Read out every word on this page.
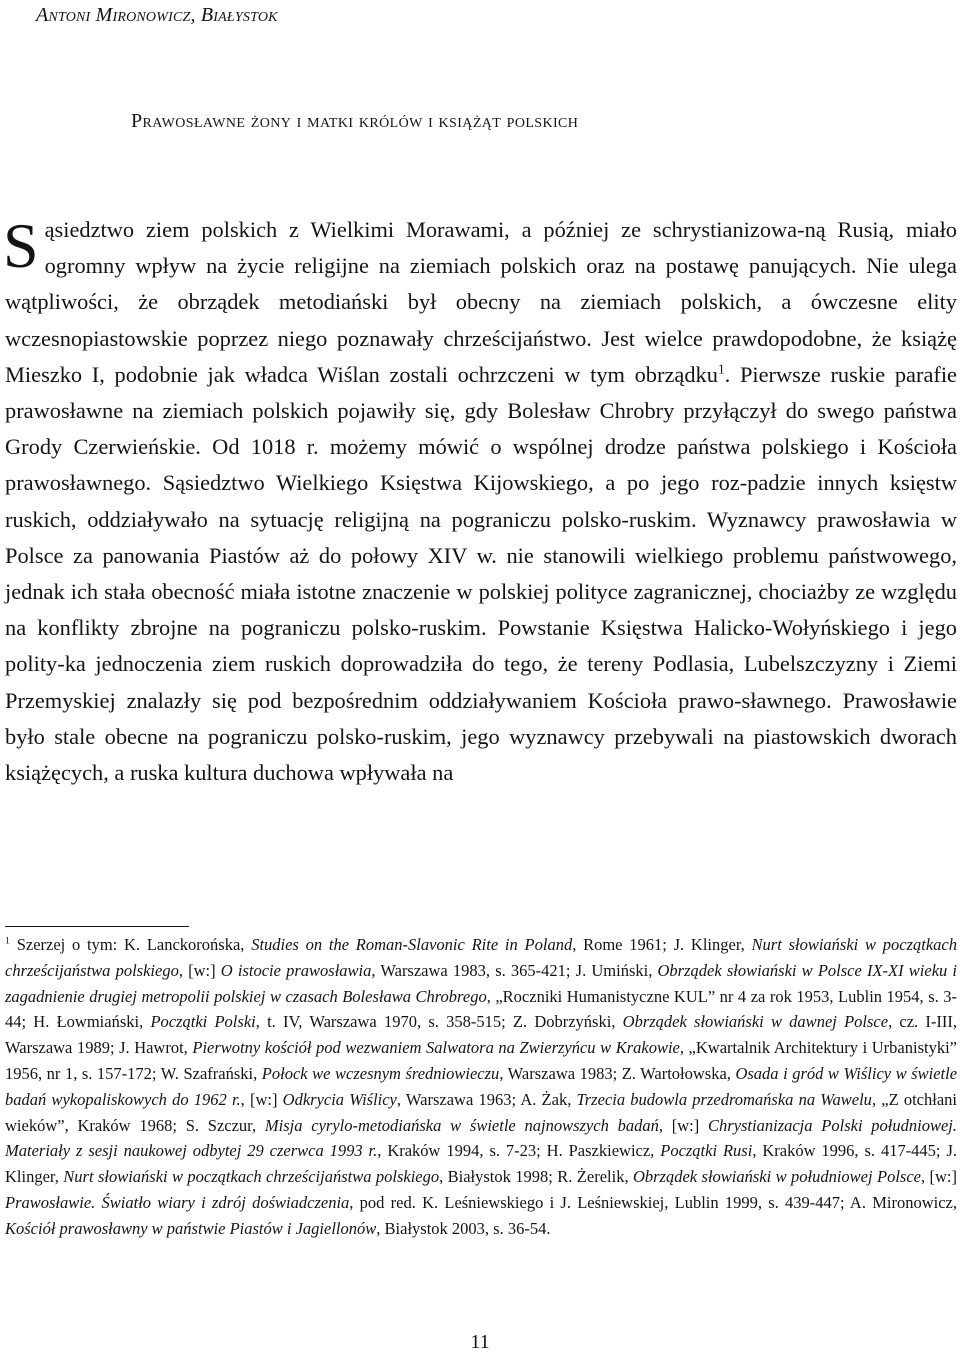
Antoni Mironowicz, Białystok
Prawosławne żony i matki królów i książąt polskich
Sąsiedztwo ziem polskich z Wielkimi Morawami, a później ze schrystianizowa-ną Rusią, miało ogromny wpływ na życie religijne na ziemiach polskich oraz na postawę panujących. Nie ulega wątpliwości, że obrządek metodiański był obecny na ziemiach polskich, a ówczesne elity wczesnopiastowskie poprzez niego poznawały chrześcijaństwo. Jest wielce prawdopodobne, że książę Mieszko I, podobnie jak władca Wiślan zostali ochrzczeni w tym obrządku$^1$. Pierwsze ruskie parafie prawosławne na ziemiach polskich pojawiły się, gdy Bolesław Chrobry przyłączył do swego państwa Grody Czerwieńskie. Od 1018 r. możemy mówić o wspólnej drodze państwa polskiego i Kościoła prawosławnego. Sąsiedztwo Wielkiego Księstwa Kijowskiego, a po jego roz-padzie innych księstw ruskich, oddziaływało na sytuację religijną na pograniczu polsko-ruskim. Wyznawcy prawosławia w Polsce za panowania Piastów aż do połowy XIV w. nie stanowili wielkiego problemu państwowego, jednak ich stała obecność miała istotne znaczenie w polskiej polityce zagranicznej, chociażby ze względu na konflikty zbrojne na pograniczu polsko-ruskim. Powstanie Księstwa Halicko-Wołyńskiego i jego polity-ka jednoczenia ziem ruskich doprowadziła do tego, że tereny Podlasia, Lubelszczyzny i Ziemi Przemyskiej znalazły się pod bezpośrednim oddziaływaniem Kościoła prawo-sławnego. Prawosławie było stale obecne na pograniczu polsko-ruskim, jego wyznawcy przebywali na piastowskich dworach książęcych, a ruska kultura duchowa wpływała na
$^1$ Szerzej o tym: K. Lanckorońska, Studies on the Roman-Slavonic Rite in Poland, Rome 1961; J. Klinger, Nurt słowiański w początkach chrześcijaństwa polskiego, [w:] O istocie prawosławia, Warszawa 1983, s. 365-421; J. Umiński, Obrządek słowiański w Polsce IX-XI wieku i zagadnienie drugiej metropolii polskiej w czasach Bolesława Chrobrego, „Roczniki Humanistyczne KUL” nr 4 za rok 1953, Lublin 1954, s. 3-44; H. Łowmiański, Początki Polski, t. IV, Warszawa 1970, s. 358-515; Z. Dobrzyński, Obrządek słowiański w dawnej Polsce, cz. I-III, Warszawa 1989; J. Hawrot, Pierwotny kościół pod wezwaniem Salwatora na Zwierzyńcu w Krakowie, „Kwartalnik Architektury i Urbanistyki” 1956, nr 1, s. 157-172; W. Szafrański, Połock we wczesnym średniowieczu, Warszawa 1983; Z. Wartołowska, Osada i gród w Wiślicy w świetle badań wykopaliskowych do 1962 r., [w:] Odkrycia Wiślicy, Warszawa 1963; A. Żak, Trzecia budowla przedromańska na Wawelu, „Z otchłani wieków”, Kraków 1968; S. Szczur, Misja cyrylo-metodiańska w świetle najnowszych badań, [w:] Chrystianizacja Polski południowej. Materiały z sesji naukowej odbytej 29 czerwca 1993 r., Kraków 1994, s. 7-23; H. Paszkiewicz, Początki Rusi, Kraków 1996, s. 417-445; J. Klinger, Nurt słowiański w początkach chrześcijaństwa polskiego, Białystok 1998; R. Żerelik, Obrządek słowiański w południowej Polsce, [w:] Prawosławie. Światło wiary i zdrój doświadczenia, pod red. K. Leśniewskiego i J. Leśniewskiej, Lublin 1999, s. 439-447; A. Mironowicz, Kościół prawosławny w państwie Piastów i Jagiellonów, Białystok 2003, s. 36-54.
11
